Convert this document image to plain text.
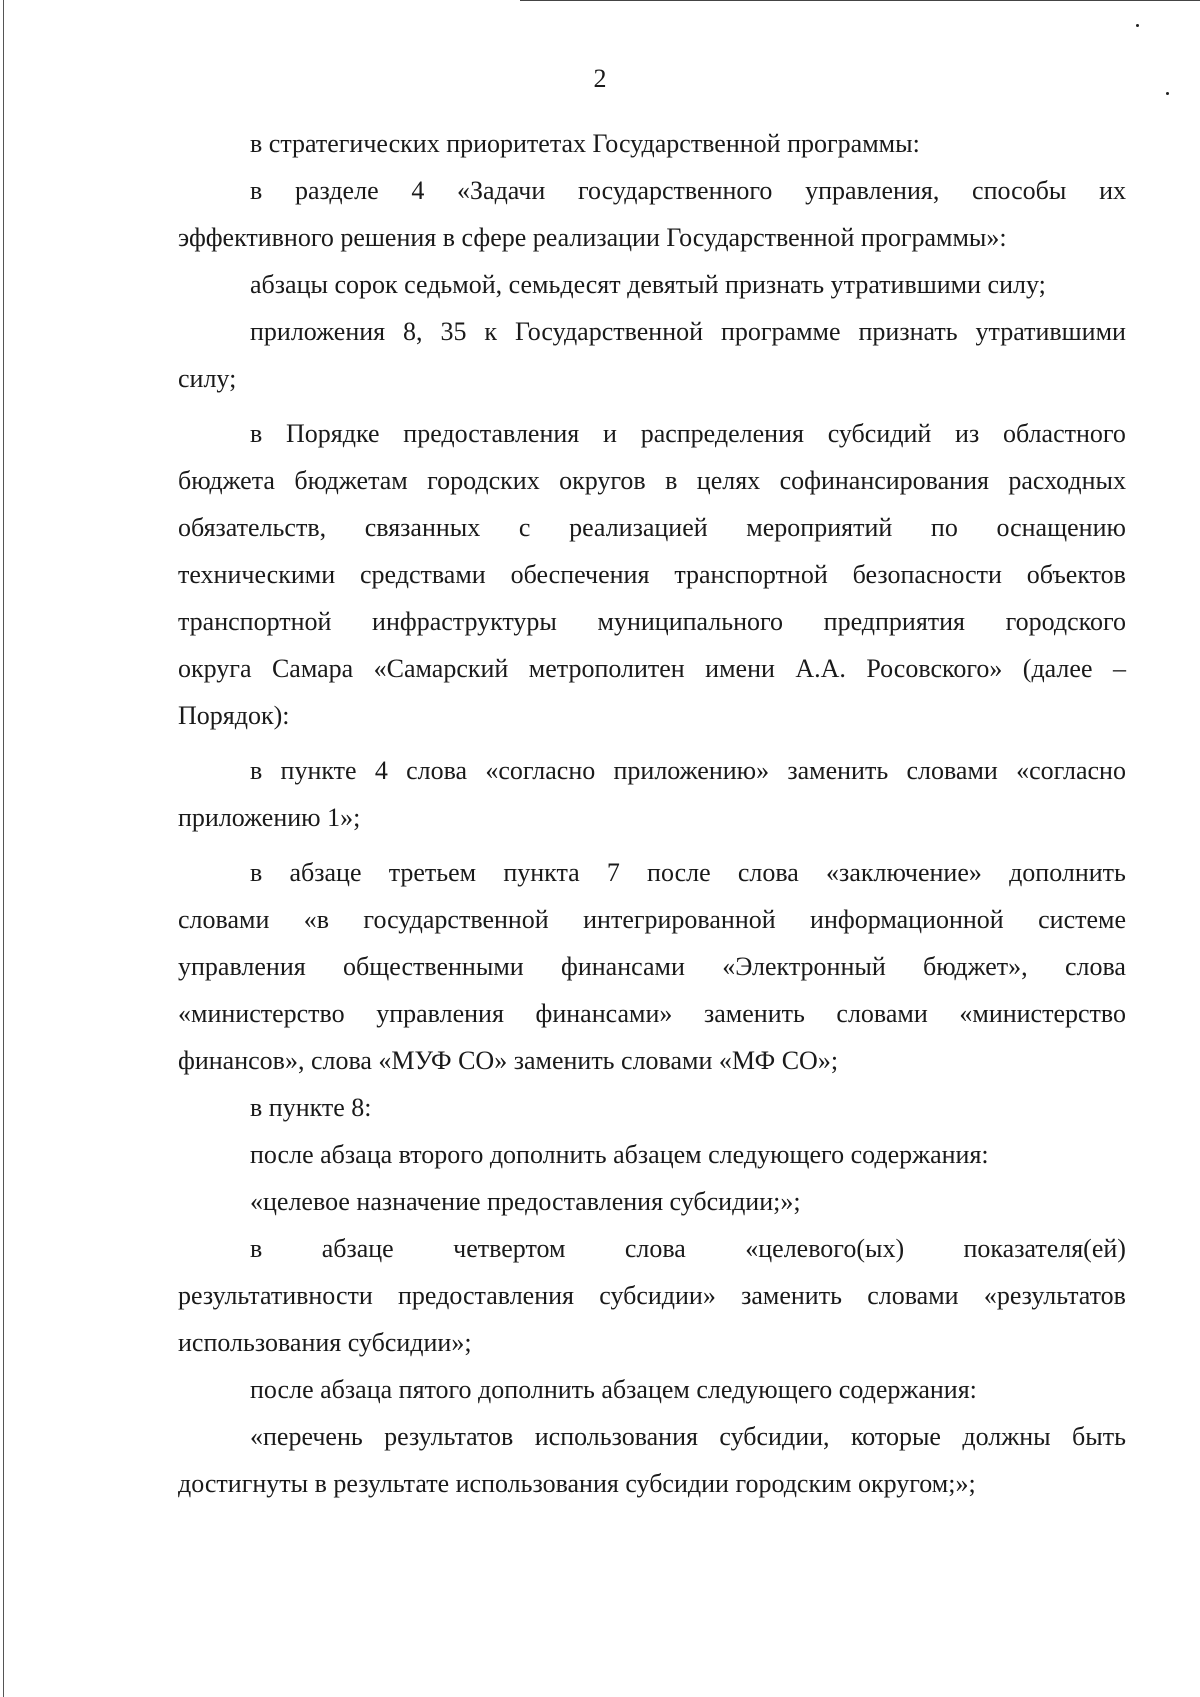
2
в стратегических приоритетах Государственной программы:
в разделе 4 «Задачи государственного управления, способы их
эффективного решения в сфере реализации Государственной программы»:
абзацы сорок седьмой, семьдесят девятый признать утратившими силу;
приложения 8, 35 к Государственной программе признать утратившими
силу;
в Порядке предоставления и распределения субсидий из областного
бюджета бюджетам городских округов в целях софинансирования расходных
обязательств, связанных с реализацией мероприятий по оснащению
техническими средствами обеспечения транспортной безопасности объектов
транспортной инфраструктуры муниципального предприятия городского
округа Самара «Самарский метрополитен имени А.А. Росовского» (далее –
Порядок):
в пункте 4 слова «согласно приложению» заменить словами «согласно
приложению 1»;
в абзаце третьем пункта 7 после слова «заключение» дополнить
словами «в государственной интегрированной информационной системе
управления общественными финансами «Электронный бюджет», слова
«министерство управления финансами» заменить словами «министерство
финансов», слова «МУФ СО» заменить словами «МФ СО»;
в пункте 8:
после абзаца второго дополнить абзацем следующего содержания:
«целевое назначение предоставления субсидии;»;
в абзаце четвертом слова «целевого(ых) показателя(ей)
результативности предоставления субсидии» заменить словами «результатов
использования субсидии»;
после абзаца пятого дополнить абзацем следующего содержания:
«перечень результатов использования субсидии, которые должны быть
достигнуты в результате использования субсидии городским округом;»;
